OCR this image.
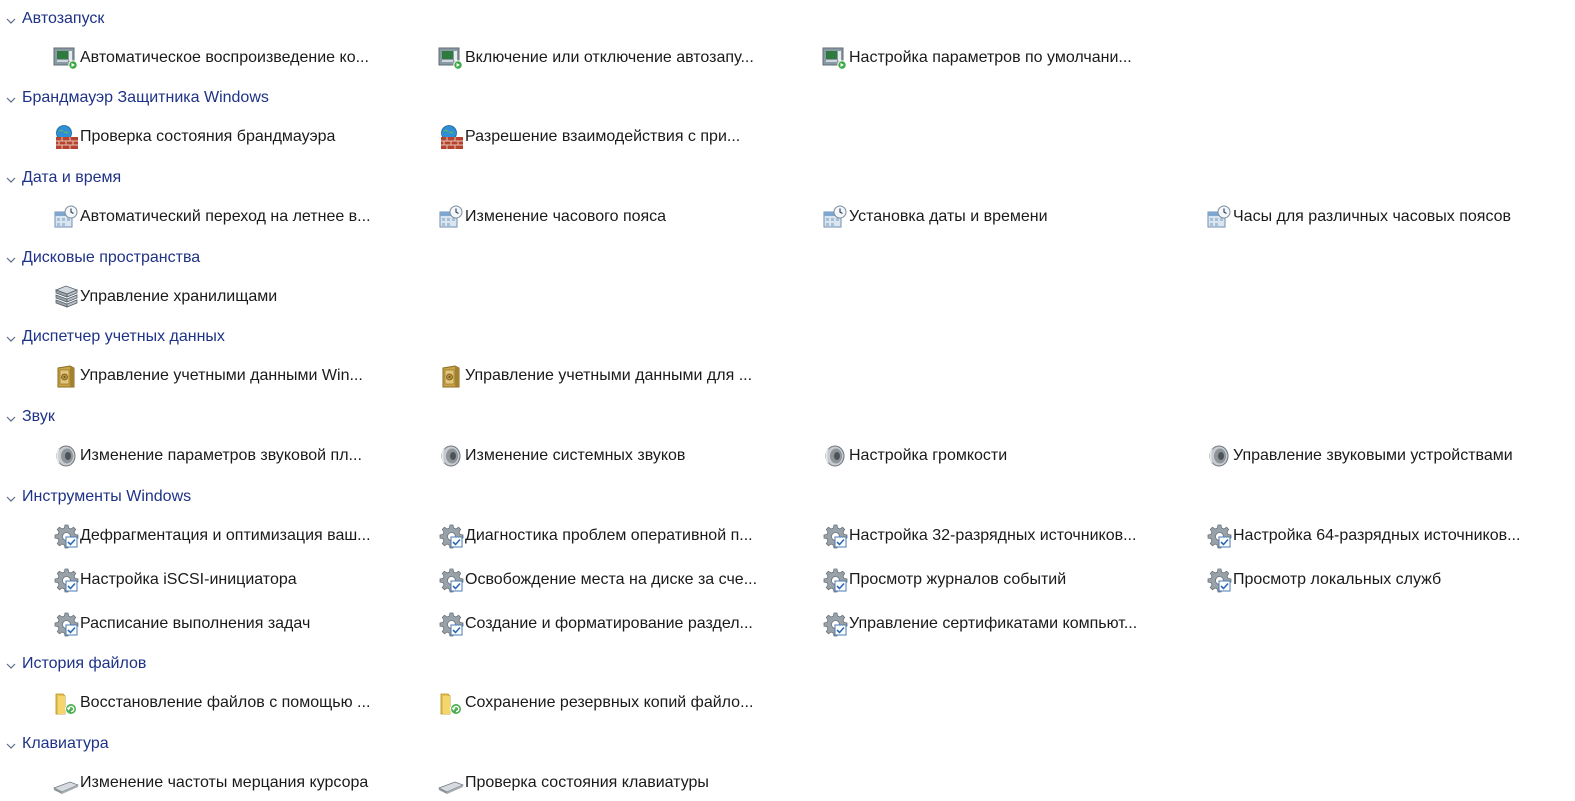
Автозапуск
Автоматическое воспроизведение ко...	Включение или отключение автозапу...	Настройка параметров по умолчани...
Брандмауэр Защитника Windows
Проверка состояния брандмауэра	Разрешение взаимодействия с при...
Дата и время
Автоматический переход на летнее в...	Изменение часового пояса	Установка даты и времени	Часы для различных часовых поясов
Дисковые пространства
Управление хранилищами
Диспетчер учетных данных
Управление учетными данными Win...	Управление учетными данными для ...
Звук
Изменение параметров звуковой пл...	Изменение системных звуков	Настройка громкости	Управление звуковыми устройствами
Инструменты Windows
Дефрагментация и оптимизация ваш...	Диагностика проблем оперативной п...	Настройка 32-разрядных источников...	Настройка 64-разрядных источников...
Настройка iSCSI-инициатора	Освобождение места на диске за сче...	Просмотр журналов событий	Просмотр локальных служб
Расписание выполнения задач	Создание и форматирование раздел...	Управление сертификатами компьют...
История файлов
Восстановление файлов с помощью ...	Сохранение резервных копий файло...
Клавиатура
Изменение частоты мерцания курсора	Проверка состояния клавиатуры
